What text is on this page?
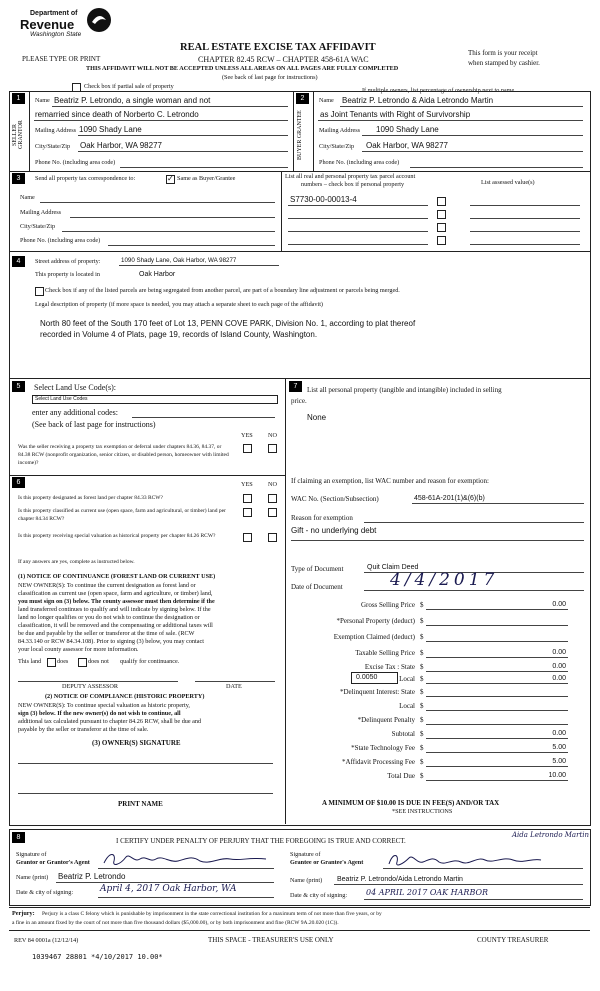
Department of
Revenue
Washington State
PLEASE TYPE OR PRINT
REAL ESTATE EXCISE TAX AFFIDAVIT
CHAPTER 82.45 RCW – CHAPTER 458-61A WAC
THIS AFFIDAVIT WILL NOT BE ACCEPTED UNLESS ALL AREAS ON ALL PAGES ARE FULLY COMPLETED
(See back of last page for instructions)
This form is your receipt
when stamped by cashier.
Check box if partial sale of property
If multiple owners, list percentage of ownership next to name.
1
SELLER GRANTOR
Name Beatriz P. Letrondo, a single woman and not
remarried since death of Norberto C. Letrondo
Mailing Address 1090 Shady Lane
City/State/Zip Oak Harbor, WA 98277
Phone No. (including area code)
2
BUYER GRANTEE
Name Beatriz P. Letrondo & Aida Letrondo Martin
as Joint Tenants with Right of Survivorship
Mailing Address 1090 Shady Lane
City/State/Zip Oak Harbor, WA 98277
Phone No. (including area code)
3	Send all property tax correspondence to:	✓ Same as Buyer/Grantee
Name
Mailing Address
City/State/Zip
Phone No. (including area code)
List all real and personal property tax parcel account
numbers – check box if personal property	List assessed value(s)
S7730-00-00013-4
4	Street address of property:	1090 Shady Lane, Oak Harbor, WA 98277
This property is located in	Oak Harbor
Check box if any of the listed parcels are being segregated from another parcel, are part of a boundary line adjustment or parcels being merged.
Legal description of property (if more space is needed, you may attach a separate sheet to each page of the affidavit)
North 80 feet of the South 170 feet of Lot 13, PENN COVE PARK, Division No. 1, according to plat thereof
recorded in Volume 4 of Plats, page 19, records of Island County, Washington.
5	Select Land Use Code(s):
Select Land Use Codes
enter any additional codes:
(See back of last page for instructions)
YES NO
Was the seller receiving a property tax exemption or deferral under chapters 84.36, 84.37, or 84.38 RCW (nonprofit organization, senior citizen, or disabled person, homeowner with limited income)?
6	YES NO
Is this property designated as forest land per chapter 84.33 RCW?
Is this property classified as current use (open space, farm and agricultural, or timber) land per chapter 84.34 RCW?
Is this property receiving special valuation as historical property per chapter 84.26 RCW?
If any answers are yes, complete as instructed below.
(1) NOTICE OF CONTINUANCE (FOREST LAND OR CURRENT USE)
NEW OWNER(S): To continue the current designation as forest land or
classification as current use (open space, farm and agriculture, or timber) land,
you must sign on (3) below. The county assessor must then determine if the
land transferred continues to qualify and will indicate by signing below. If the
land no longer qualifies or you do not wish to continue the designation or
classification, it will be removed and the compensating or additional taxes will
be due and payable by the seller or transferor at the time of sale. (RCW
84.33.140 or RCW 84.34.108). Prior to signing (3) below, you may contact
your local county assessor for more information.
This land	does	does not qualify for continuance.
DEPUTY ASSESSOR	DATE
(2) NOTICE OF COMPLIANCE (HISTORIC PROPERTY)
NEW OWNER(S): To continue special valuation as historic property,
sign (3) below. If the new owner(s) do not wish to continue, all
additional tax calculated pursuant to chapter 84.26 RCW, shall be due and
payable by the seller or transferor at the time of sale.
(3) OWNER(S) SIGNATURE
PRINT NAME
7	List all personal property (tangible and intangible) included in selling
price.
None
If claiming an exemption, list WAC number and reason for exemption:
WAC No. (Section/Subsection)	458-61A-201(1)&(6)(b)
Reason for exemption
Gift - no underlying debt
Type of Document	Quit Claim Deed
Date of Document	4/4/2017
Gross Selling Price $	0.00
*Personal Property (deduct) $
Exemption Claimed (deduct) $
Taxable Selling Price $	0.00
Excise Tax : State $	0.00
0.0050	Local $	0.00
*Delinquent Interest: State $
Local $
*Delinquent Penalty $
Subtotal $	0.00
*State Technology Fee $	5.00
*Affidavit Processing Fee $	5.00
Total Due $	10.00
A MINIMUM OF $10.00 IS DUE IN FEE(S) AND/OR TAX
*SEE INSTRUCTIONS
8	I CERTIFY UNDER PENALTY OF PERJURY THAT THE FOREGOING IS TRUE AND CORRECT.
Aida Letrondo Martin
Signature of
Grantor or Grantor's Agent
Name (print) Beatriz P. Letrondo
Date & city of signing:	April 4, 2017 Oak Harbor, WA
Signature of
Grantee or Grantee's Agent
Name (print) Beatriz P. Letrondo/Aida Letrondo Martin
Date & city of signing: 04 APRIL 2017 OAK HARBOR
Perjury: Perjury is a class C felony which is punishable by imprisonment in the state correctional institution for a maximum term of not more than five years, or by
a fine in an amount fixed by the court of not more than five thousand dollars ($5,000.00), or by both imprisonment and fine (RCW 9A.20.020 (1C)).
REV 84 0001a (12/12/14)	THIS SPACE - TREASURER'S USE ONLY	COUNTY TREASURER
1039467 28801 *4/10/2017 10.00*
